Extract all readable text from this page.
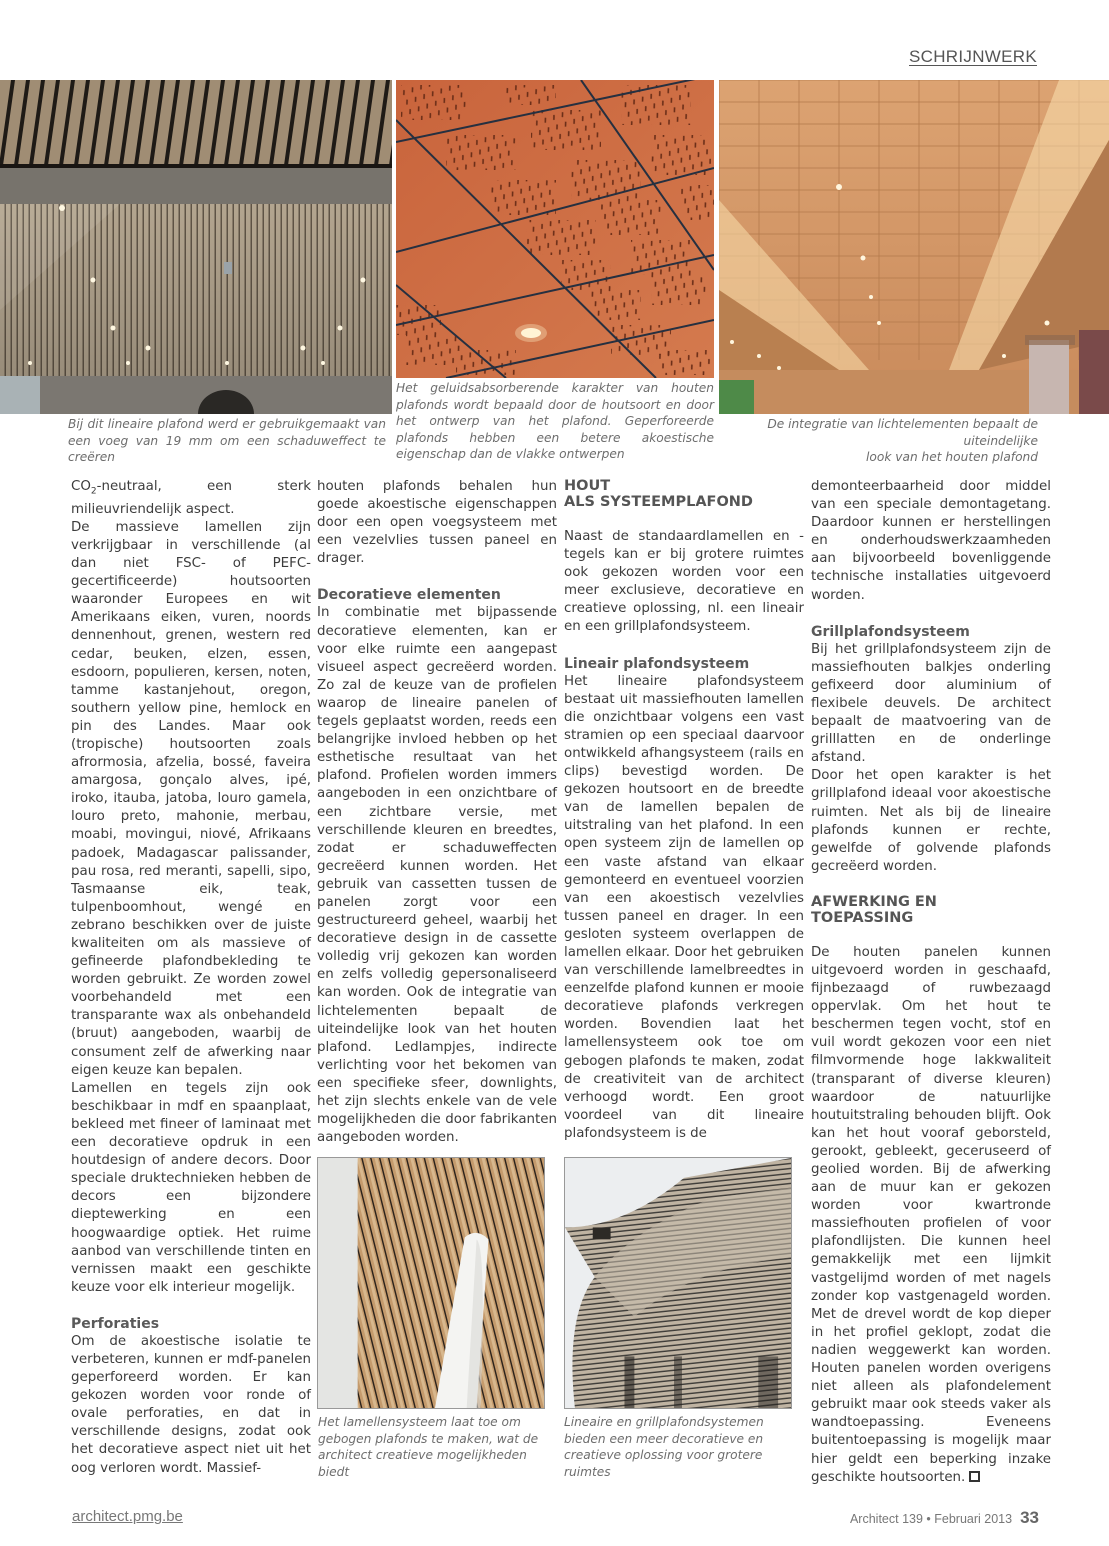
SCHRIJNWERK
Bij dit lineaire plafond werd er gebruikgemaakt van een voeg van 19 mm om een schaduweffect te creëren
Het geluidsabsorberende karakter van houten plafonds wordt bepaald door de houtsoort en door het ontwerp van het plafond. Geperforeerde plafonds hebben een betere akoestische eigenschap dan de vlakke ontwerpen
De integratie van lichtelementen bepaalt de uiteindelijke
look van het houten plafond

$CO_2$-neutraal, een sterk milieuvriendelijk aspect.

De massieve lamellen zijn verkrijgbaar in verschillende (al dan niet FSC- of PEFC-gecertificeerde) houtsoorten waaronder Europees en wit Amerikaans eiken, vuren, noords dennenhout, grenen, western red cedar, beuken, elzen, essen, esdoorn, populieren, kersen, noten, tamme kastanjehout, oregon, southern yellow pine, hemlock en pin des Landes. Maar ook (tropische) houtsoorten zoals afrormosia, afzelia, bossé, faveira amargosa, gonçalo alves, ipé, iroko, itauba, jatoba, louro gamela, louro preto, mahonie, merbau, moabi, movingui, niové, Afrikaans padoek, Madagascar palissander, pau rosa, red meranti, sapelli, sipo, Tasmaanse eik, teak, tulpenboomhout, wengé en zebrano beschikken over de juiste kwaliteiten om als massieve of gefineerde plafondbekleding te worden gebruikt. Ze worden zowel voorbehandeld met een transparante wax als onbehandeld (bruut) aangeboden, waarbij de consument zelf de afwerking naar eigen keuze kan bepalen.

Lamellen en tegels zijn ook beschikbaar in mdf en spaanplaat, bekleed met fineer of laminaat met een decoratieve opdruk in een houtdesign of andere decors. Door speciale druktechnieken hebben de decors een bijzondere dieptewerking en een hoogwaardige optiek. Het ruime aanbod van verschillende tinten en vernissen maakt een geschikte keuze voor elk interieur mogelijk.

Perforaties

Om de akoestische isolatie te verbeteren, kunnen er mdf-panelen geperforeerd worden. Er kan gekozen worden voor ronde of ovale perforaties, en dat in verschillende designs, zodat ook het decoratieve aspect niet uit het oog verloren wordt. Massief-

houten plafonds behalen hun goede akoestische eigenschappen door een open voegsysteem met een vezelvlies tussen paneel en drager.

Decoratieve elementen

In combinatie met bijpassende decoratieve elementen, kan er voor elke ruimte een aangepast visueel aspect gecreëerd worden. Zo zal de keuze van de profielen waarop de lineaire panelen of tegels geplaatst worden, reeds een belangrijke invloed hebben op het esthetische resultaat van het plafond. Profielen worden immers aangeboden in een onzichtbare of een zichtbare versie, met verschillende kleuren en breedtes, zodat er schaduweffecten gecreëerd kunnen worden. Het gebruik van cassetten tussen de panelen zorgt voor een gestructureerd geheel, waarbij het decoratieve design in de cassette volledig vrij gekozen kan worden en zelfs volledig gepersonaliseerd kan worden. Ook de integratie van lichtelementen bepaalt de uiteindelijke look van het houten plafond. Ledlampjes, indirecte verlichting voor het bekomen van een specifieke sfeer, downlights, het zijn slechts enkele van de vele mogelijkheden die door fabrikanten aangeboden worden.

Het lamellensysteem laat toe om gebogen plafonds te maken, wat de architect creatieve mogelijkheden biedt
Lineaire en grillplafondsystemen bieden een meer decoratieve en creatieve oplossing voor grotere ruimtes
HOUT
ALS SYSTEEMPLAFOND

Naast de standaardlamellen en -tegels kan er bij grotere ruimtes ook gekozen worden voor een meer exclusieve, decoratieve en creatieve oplossing, nl. een lineair en een grillplafondsysteem.

Lineair plafondsysteem

Het lineaire plafondsysteem bestaat uit massiefhouten lamellen die onzichtbaar volgens een vast stramien op een speciaal daarvoor ontwikkeld afhangsysteem (rails en clips) bevestigd worden. De gekozen houtsoort en de breedte van de lamellen bepalen de uitstraling van het plafond. In een open systeem zijn de lamellen op een vaste afstand van elkaar gemonteerd en eventueel voorzien van een akoestisch vezelvlies tussen paneel en drager. In een gesloten systeem overlappen de lamellen elkaar. Door het gebruiken van verschillende lamelbreedtes in eenzelfde plafond kunnen er mooie decoratieve plafonds verkregen worden. Bovendien laat het lamellensysteem ook toe om gebogen plafonds te maken, zodat de creativiteit van de architect verhoogd wordt. Een groot voordeel van dit lineaire plafondsysteem is de

demonteerbaarheid door middel van een speciale demontagetang. Daardoor kunnen er herstellingen en onderhoudswerkzaamheden aan bijvoorbeeld bovenliggende technische installaties uitgevoerd worden.

Grillplafondsysteem

Bij het grillplafondsysteem zijn de massiefhouten balkjes onderling gefixeerd door aluminium of flexibele deuvels. De architect bepaalt de maatvoering van de grilllatten en de onderlinge afstand.

Door het open karakter is het grillplafond ideaal voor akoestische ruimten. Net als bij de lineaire plafonds kunnen er rechte, gewelfde of golvende plafonds gecreëerd worden.

AFWERKING EN
TOEPASSING

De houten panelen kunnen uitgevoerd worden in geschaafd, fijnbezaagd of ruwbezaagd oppervlak. Om het hout te beschermen tegen vocht, stof en vuil wordt gekozen voor een niet filmvormende hoge lakkwaliteit (transparant of diverse kleuren) waardoor de natuurlijke houtuitstraling behouden blijft. Ook kan het hout vooraf geborsteld, gerookt, gebleekt, geceruseerd of geolied worden. Bij de afwerking aan de muur kan er gekozen worden voor kwartronde massiefhouten profielen of voor plafondlijsten. Die kunnen heel gemakkelijk met een lijmkit vastgelijmd worden of met nagels zonder kop vastgenageld worden. Met de drevel wordt de kop dieper in het profiel geklopt, zodat die nadien weggewerkt kan worden. Houten panelen worden overigens niet alleen als plafondelement gebruikt maar ook steeds vaker als wandtoepassing. Eveneens buitentoepassing is mogelijk maar hier geldt een beperking inzake geschikte houtsoorten.

architect.pmg.be	Architect 139 • Februari 2013 33
